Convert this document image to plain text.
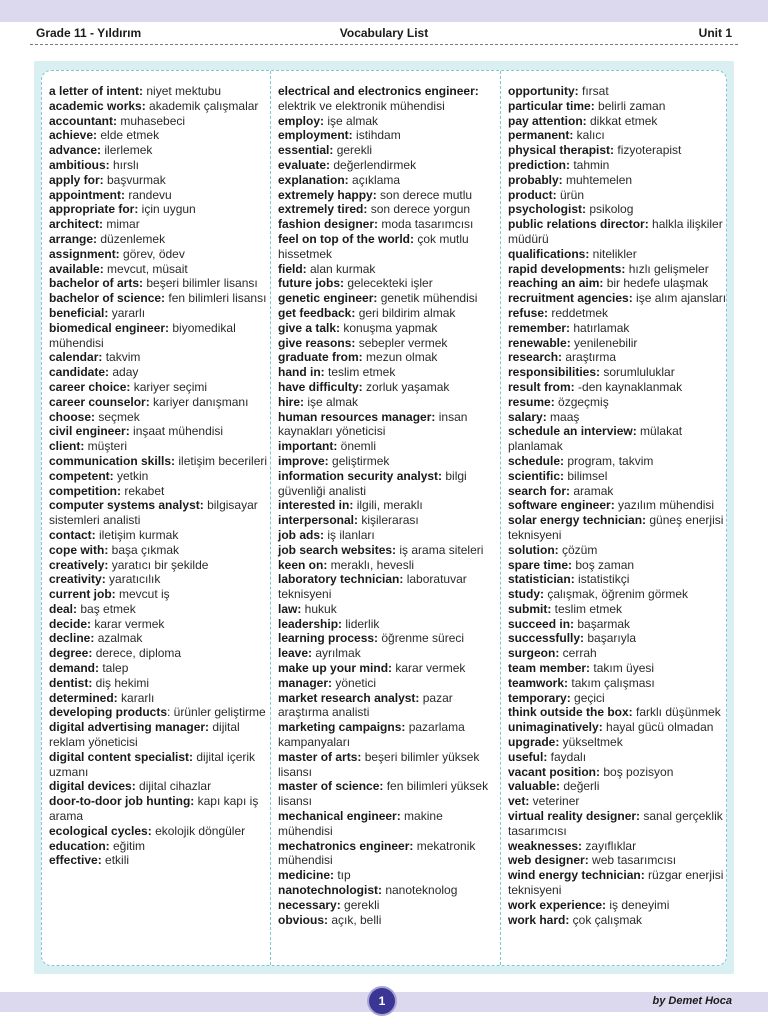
Grade 11 - Yıldırım	Vocabulary List	Unit 1

a letter of intent: niyet mektubu

academic works: akademik çalışmalar

accountant: muhasebeci

achieve: elde etmek

advance: ilerlemek

ambitious: hırslı

apply for: başvurmak

appointment: randevu

appropriate for: için uygun

architect: mimar

arrange: düzenlemek

assignment: görev, ödev

available: mevcut, müsait

bachelor of arts: beşeri bilimler lisansı

bachelor of science: fen bilimleri lisansı

beneficial: yararlı

biomedical engineer: biyomedikal mühendisi

calendar: takvim

candidate: aday

career choice: kariyer seçimi

career counselor: kariyer danışmanı

choose: seçmek

civil engineer: inşaat mühendisi

client: müşteri

communication skills: iletişim becerileri

competent: yetkin

competition: rekabet

computer systems analyst: bilgisayar sistemleri analisti

contact: iletişim kurmak

cope with: başa çıkmak

creatively: yaratıcı bir şekilde

creativity: yaratıcılık

current job: mevcut iş

deal: baş etmek

decide: karar vermek

decline: azalmak

degree: derece, diploma

demand: talep

dentist: diş hekimi

determined: kararlı

developing products: ürünler geliştirme

digital advertising manager: dijital reklam yöneticisi

digital content specialist: dijital içerik uzmanı

digital devices: dijital cihazlar

door-to-door job hunting: kapı kapı iş arama

ecological cycles: ekolojik döngüler

education: eğitim

effective: etkili

electrical and electronics engineer: elektrik ve elektronik mühendisi

employ: işe almak

employment: istihdam

essential: gerekli

evaluate: değerlendirmek

explanation: açıklama

extremely happy: son derece mutlu

extremely tired: son derece yorgun

fashion designer: moda tasarımcısı

feel on top of the world: çok mutlu hissetmek

field: alan kurmak

future jobs: gelecekteki işler

genetic engineer: genetik mühendisi

get feedback: geri bildirim almak

give a talk: konuşma yapmak

give reasons: sebepler vermek

graduate from: mezun olmak

hand in: teslim etmek

have difficulty: zorluk yaşamak

hire: işe almak

human resources manager: insan kaynakları yöneticisi

important: önemli

improve: geliştirmek

information security analyst: bilgi güvenliği analisti

interested in: ilgili, meraklı

interpersonal: kişilerarası

job ads: iş ilanları

job search websites: iş arama siteleri

keen on: meraklı, hevesli

laboratory technician: laboratuvar teknisyeni

law: hukuk

leadership: liderlik

learning process: öğrenme süreci

leave: ayrılmak

make up your mind: karar vermek

manager: yönetici

market research analyst: pazar araştırma analisti

marketing campaigns: pazarlama kampanyaları

master of arts: beşeri bilimler yüksek lisansı

master of science: fen bilimleri yüksek lisansı

mechanical engineer: makine mühendisi

mechatronics engineer: mekatronik mühendisi

medicine: tıp

nanotechnologist: nanoteknolog

necessary: gerekli

obvious: açık, belli

opportunity: fırsat

particular time: belirli zaman

pay attention: dikkat etmek

permanent: kalıcı

physical therapist: fizyoterapist

prediction: tahmin

probably: muhtemelen

product: ürün

psychologist: psikolog

public relations director: halkla ilişkiler müdürü

qualifications: nitelikler

rapid developments: hızlı gelişmeler

reaching an aim: bir hedefe ulaşmak

recruitment agencies: işe alım ajansları

refuse: reddetmek

remember: hatırlamak

renewable: yenilenebilir

research: araştırma

responsibilities: sorumluluklar

result from: -den kaynaklanmak

resume: özgeçmiş

salary: maaş

schedule an interview: mülakat planlamak

schedule: program, takvim

scientific: bilimsel

search for: aramak

software engineer: yazılım mühendisi

solar energy technician: güneş enerjisi teknisyeni

solution: çözüm

spare time: boş zaman

statistician: istatistikçi

study: çalışmak, öğrenim görmek

submit: teslim etmek

succeed in: başarmak

successfully: başarıyla

surgeon: cerrah

team member: takım üyesi

teamwork: takım çalışması

temporary: geçici

think outside the box: farklı düşünmek

unimaginatively: hayal gücü olmadan

upgrade: yükseltmek

useful: faydalı

vacant position: boş pozisyon

valuable: değerli

vet: veteriner

virtual reality designer: sanal gerçeklik tasarımcısı

weaknesses: zayıflıklar

web designer: web tasarımcısı

wind energy technician: rüzgar enerjisi teknisyeni

work experience: iş deneyimi

work hard: çok çalışmak

1	by Demet Hoca
